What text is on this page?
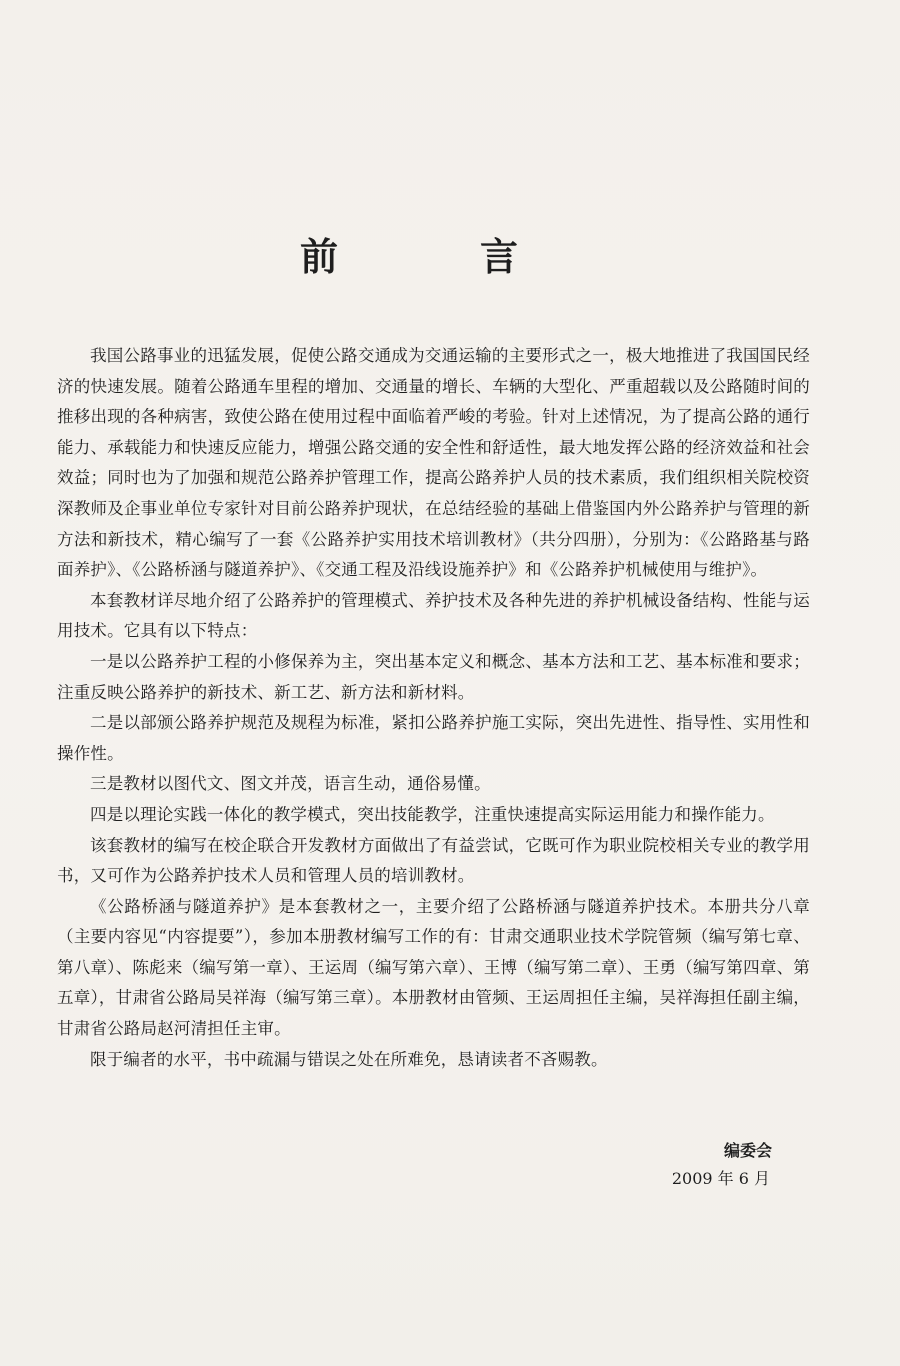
前　言

我国公路事业的迅猛发展，促使公路交通成为交通运输的主要形式之一，极大地推进了我国国民经济的快速发展。随着公路通车里程的增加、交通量的增长、车辆的大型化、严重超载以及公路随时间的推移出现的各种病害，致使公路在使用过程中面临着严峻的考验。针对上述情况，为了提高公路的通行能力、承载能力和快速反应能力，增强公路交通的安全性和舒适性，最大地发挥公路的经济效益和社会效益；同时也为了加强和规范公路养护管理工作，提高公路养护人员的技术素质，我们组织相关院校资深教师及企事业单位专家针对目前公路养护现状，在总结经验的基础上借鉴国内外公路养护与管理的新方法和新技术，精心编写了一套《公路养护实用技术培训教材》（共分四册），分别为：《公路路基与路面养护》、《公路桥涵与隧道养护》、《交通工程及沿线设施养护》和《公路养护机械使用与维护》。

本套教材详尽地介绍了公路养护的管理模式、养护技术及各种先进的养护机械设备结构、性能与运用技术。它具有以下特点：

一是以公路养护工程的小修保养为主，突出基本定义和概念、基本方法和工艺、基本标准和要求；注重反映公路养护的新技术、新工艺、新方法和新材料。

二是以部颁公路养护规范及规程为标准，紧扣公路养护施工实际，突出先进性、指导性、实用性和操作性。

三是教材以图代文、图文并茂，语言生动，通俗易懂。

四是以理论实践一体化的教学模式，突出技能教学，注重快速提高实际运用能力和操作能力。

该套教材的编写在校企联合开发教材方面做出了有益尝试，它既可作为职业院校相关专业的教学用书，又可作为公路养护技术人员和管理人员的培训教材。

《公路桥涵与隧道养护》是本套教材之一，主要介绍了公路桥涵与隧道养护技术。本册共分八章（主要内容见“内容提要”），参加本册教材编写工作的有：甘肃交通职业技术学院管频（编写第七章、第八章）、陈彪来（编写第一章）、王运周（编写第六章）、王博（编写第二章）、王勇（编写第四章、第五章），甘肃省公路局吴祥海（编写第三章）。本册教材由管频、王运周担任主编，吴祥海担任副主编，甘肃省公路局赵河清担任主审。

限于编者的水平，书中疏漏与错误之处在所难免，恳请读者不吝赐教。

编委会
2009 年 6 月
